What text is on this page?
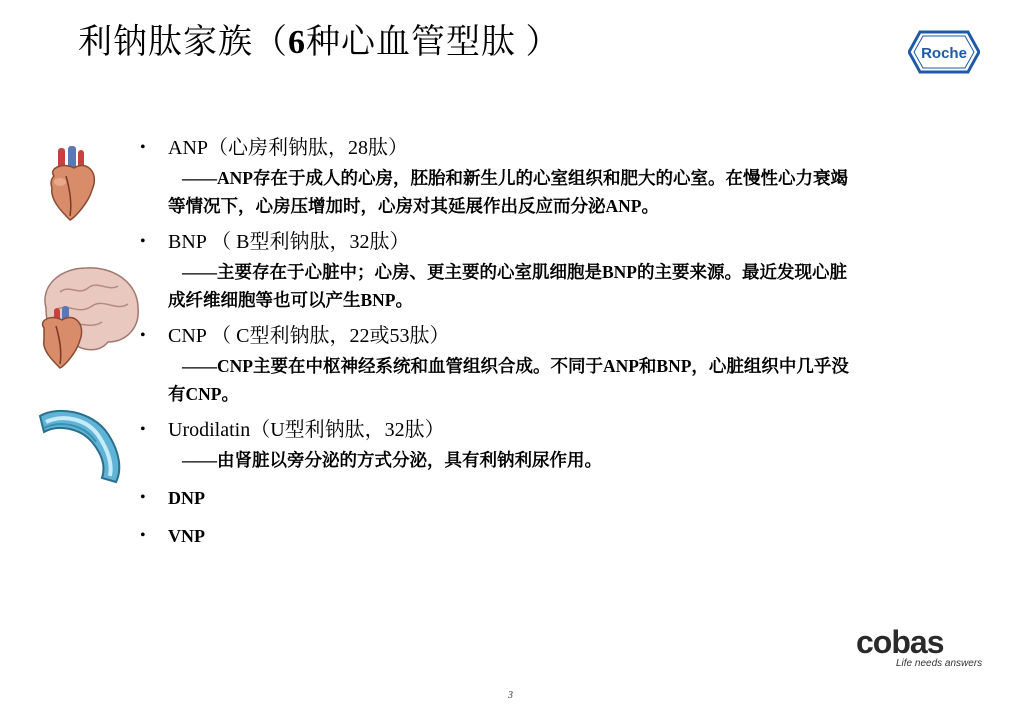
利钠肽家族（6种心血管型肽 ）	Roche
• ANP（心房利钠肽，28肽）
——ANP存在于成人的心房，胚胎和新生儿的心室组织和肥大的心室。在慢性心力衰竭
等情况下，心房压增加时，心房对其延展作出反应而分泌ANP。
• BNP （ B型利钠肽，32肽）
——主要存在于心脏中；心房、更主要的心室肌细胞是BNP的主要来源。最近发现心脏
成纤维细胞等也可以产生BNP。
• CNP （ C型利钠肽，22或53肽）
——CNP主要在中枢神经系统和血管组织合成。不同于ANP和BNP，心脏组织中几乎没
有CNP。
• Urodilatin（U型利钠肽，32肽）
——由肾脏以旁分泌的方式分泌，具有利钠利尿作用。
• DNP
• VNP
cobas
Life needs answers
3
